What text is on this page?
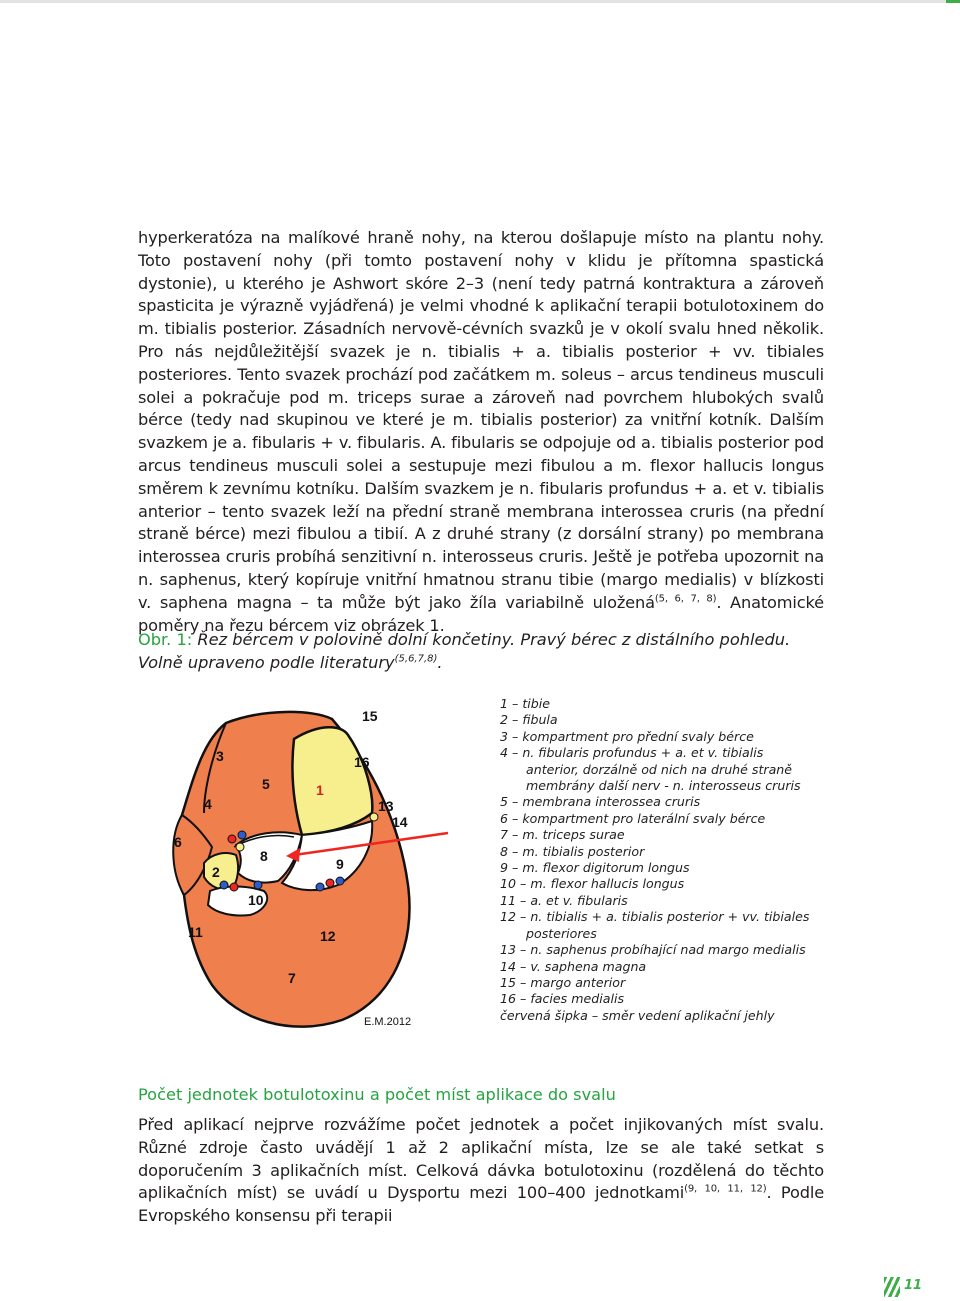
hyperkeratóza na malíkové hraně nohy, na kterou došlapuje místo na plantu nohy. Toto postavení nohy (při tomto postavení nohy v klidu je přítomna spastická dystonie), u kterého je Ashwort skóre 2–3 (není tedy patrná kontraktura a zároveň spasticita je výrazně vyjádřená) je velmi vhodné k aplikační terapii botulotoxinem do m. tibialis posterior. Zásadních nervově-cévních svazků je v okolí svalu hned několik. Pro nás nejdůležitější svazek je n. tibialis + a. tibialis posterior + vv. tibiales posteriores. Tento svazek prochází pod začátkem m. soleus – arcus tendineus musculi solei a pokračuje pod m. triceps surae a zároveň nad povrchem hlubokých svalů bérce (tedy nad skupinou ve které je m. tibialis posterior) za vnitřní kotník. Dalším svazkem je a. fibularis + v. fibularis. A. fibularis se odpojuje od a. tibialis posterior pod arcus tendineus musculi solei a sestupuje mezi fibulou a m. flexor hallucis longus směrem k zevnímu kotníku. Dalším svazkem je n. fibularis profundus + a. et v. tibialis anterior – tento svazek leží na přední straně membrana interossea cruris (na přední straně bérce) mezi fibulou a tibií. A z druhé strany (z dorsální strany) po membrana interossea cruris probíhá senzitivní n. interosseus cruris. Ještě je potřeba upozornit na n. saphenus, který kopíruje vnitřní hmatnou stranu tibie (margo medialis) v blízkosti v. saphena magna – ta může být jako žíla variabilně uložená$^{(5, 6, 7, 8)}$. Anatomické poměry na řezu bércem viz obrázek 1.

Obr. 1: Řez bércem v polovině dolní končetiny. Pravý bérec z distálního pohledu. Volně upraveno podle literatury$^{(5,6,7,8)}$.

1
2
3
4
5
6
7
8	9
10
11	12
13
14
15
16
E.M.2012
1 – tibie
2 – fibula
3 – kompartment pro přední svaly bérce
4 – n. fibularis profundus + a. et v. tibialis anterior, dorzálně od nich na druhé straně membrány další nerv - n. interosseus cruris
5 – membrana interossea cruris
6 – kompartment pro laterální svaly bérce
7 – m. triceps surae
8 – m. tibialis posterior
9 – m. flexor digitorum longus
10 – m. flexor hallucis longus
11 – a. et v. fibularis
12 – n. tibialis + a. tibialis posterior + vv. tibiales posteriores
13 – n. saphenus probíhající nad margo medialis
14 – v. saphena magna
15 – margo anterior
16 – facies medialis
červená šipka – směr vedení aplikační jehly
Počet jednotek botulotoxinu a počet míst aplikace do svalu

Před aplikací nejprve rozvážíme počet jednotek a počet injikovaných míst svalu. Různé zdroje často uvádějí 1 až 2 aplikační místa, lze se ale také setkat s doporučením 3 aplikačních míst. Celková dávka botulotoxinu (rozdělená do těchto aplikačních míst) se uvádí u Dysportu mezi 100–400 jednotkami$^{(9, 10, 11, 12)}$. Podle Evropského konsensu při terapii

11
